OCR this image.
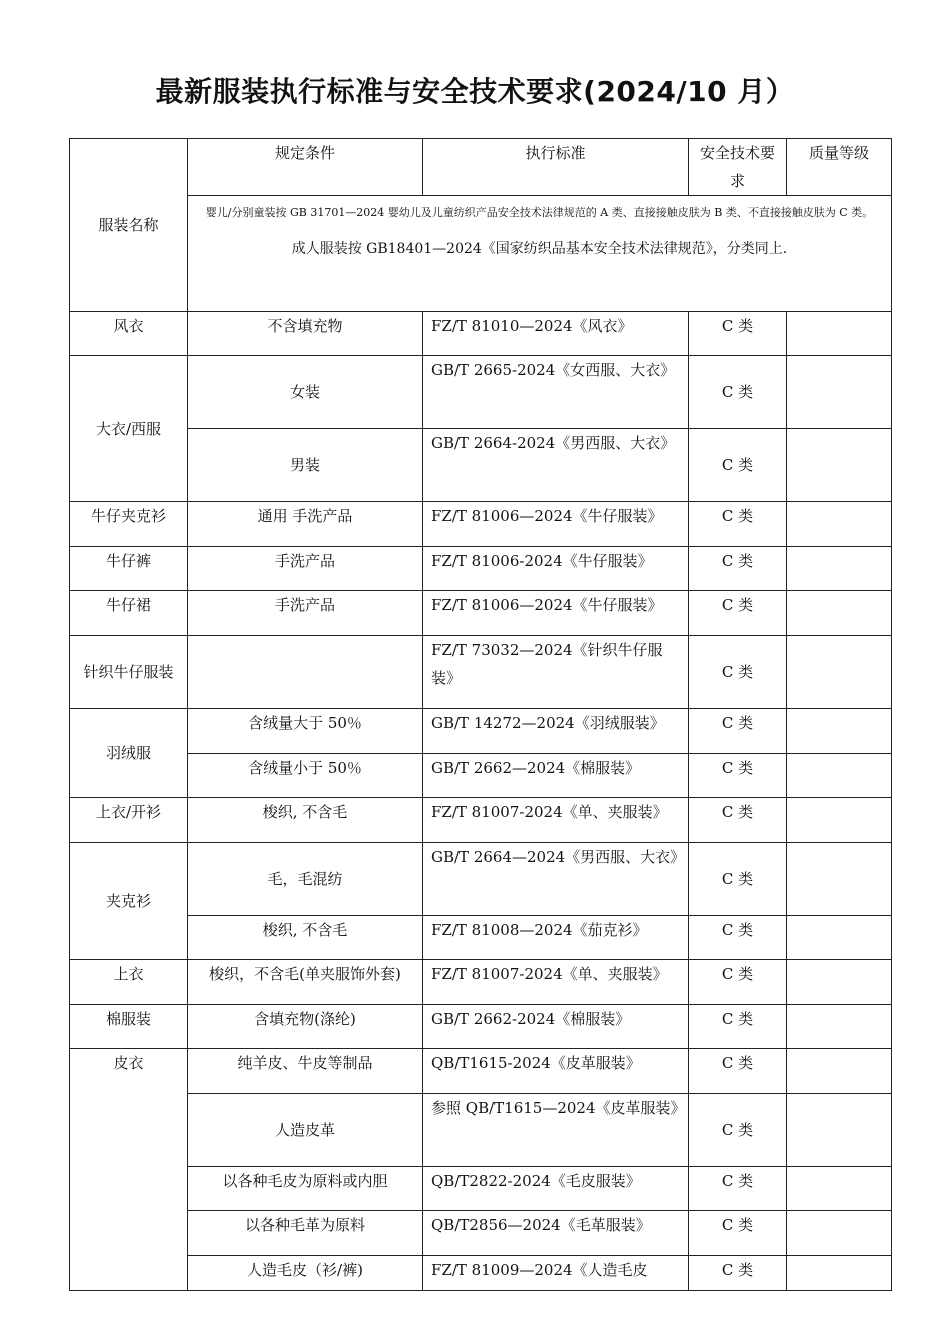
最新服装执行标准与安全技术要求(2024/10 月）
服装名称	规定条件	执行标准	安全技术要求	质量等级

	婴儿/分别童装按 GB 31701—2024 婴幼儿及儿童纺织产品安全技术法律规范的 A 类、直接接触皮肤为 B 类、不直接接触皮肤为 C 类。
成人服装按 GB18401—2024《国家纺织品基本安全技术法律规范》，分类同上.			

风衣	不含填充物	FZ/T 81010—2024《风衣》	C 类	
大衣/西服	女装	GB/T 2665-2024《女西服、大衣》	C 类	
	男装	GB/T 2664-2024《男西服、大衣》	C 类	
牛仔夹克衫	通用 手洗产品	FZ/T 81006—2024《牛仔服装》	C 类	
牛仔裤	手洗产品	FZ/T 81006-2024《牛仔服装》	C 类	
牛仔裙	手洗产品	FZ/T 81006—2024《牛仔服装》	C 类	
针织牛仔服装		FZ/T 73032—2024《针织牛仔服装》	C 类	
羽绒服	含绒量大于 50％	GB/T 14272—2024《羽绒服装》	C 类	
	含绒量小于 50％	GB/T 2662—2024《棉服装》	C 类	
上衣/开衫	梭织, 不含毛	FZ/T 81007-2024《单、夹服装》	C 类	
夹克衫	毛，毛混纺	GB/T 2664—2024《男西服、大衣》	C 类	
	梭织, 不含毛	FZ/T 81008—2024《茄克衫》	C 类	
上衣	梭织，不含毛(单夹服饰外套)	FZ/T 81007-2024《单、夹服装》	C 类	
棉服装	含填充物(涤纶)	GB/T 2662-2024《棉服装》	C 类	
皮衣	纯羊皮、牛皮等制品	QB/T1615-2024《皮革服装》	C 类	
	人造皮革	参照 QB/T1615—2024《皮革服装》	C 类	
	以各种毛皮为原料或内胆	QB/T2822-2024《毛皮服装》	C 类	
	以各种毛革为原料	QB/T2856—2024《毛革服装》	C 类	
	人造毛皮（衫/裤)	FZ/T 81009—2024《人造毛皮	C 类	
